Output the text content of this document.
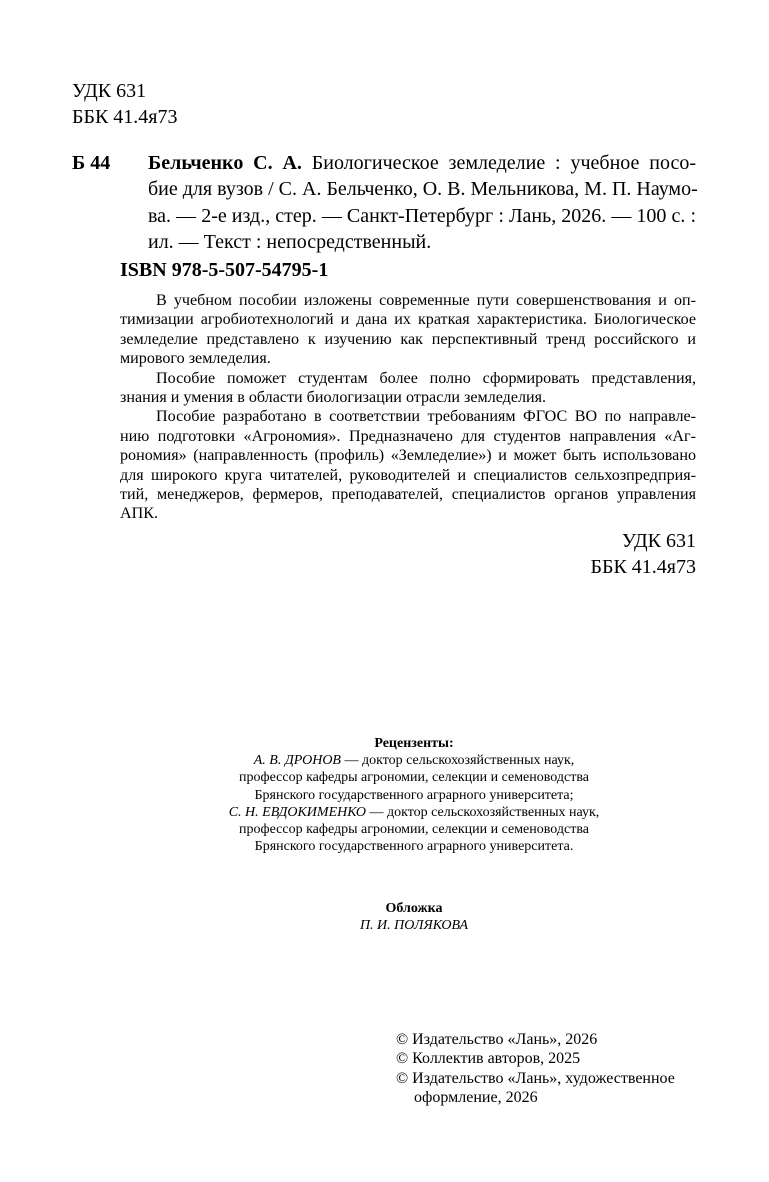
УДК 631
ББК 41.4я73
Б 44 Бельченко С. А. Биологическое земледелие : учебное посо-
бие для вузов / С. А. Бельченко, О. В. Мельникова, М. П. Наумо-
ва. — 2-е изд., стер. — Санкт-Петербург : Лань, 2026. — 100 с. :
ил. — Текст : непосредственный.
ISBN 978-5-507-54795-1
В учебном пособии изложены современные пути совершенствования и оп-
тимизации агробиотехнологий и дана их краткая характеристика. Биологическое
земледелие представлено к изучению как перспективный тренд российского и
мирового земледелия.
Пособие поможет студентам более полно сформировать представления,
знания и умения в области биологизации отрасли земледелия.
Пособие разработано в соответствии требованиям ФГОС ВО по направле-
нию подготовки «Агрономия». Предназначено для студентов направления «Аг-
рономия» (направленность (профиль) «Земледелие») и может быть использовано
для широкого круга читателей, руководителей и специалистов сельхозпредприя-
тий, менеджеров, фермеров, преподавателей, специалистов органов управления
АПК.
УДК 631
ББК 41.4я73
Рецензенты:
А. В. ДРОНОВ — доктор сельскохозяйственных наук,
профессор кафедры агрономии, селекции и семеноводства
Брянского государственного аграрного университета;
С. Н. ЕВДОКИМЕНКО — доктор сельскохозяйственных наук,
профессор кафедры агрономии, селекции и семеноводства
Брянского государственного аграрного университета.
Обложка
П. И. ПОЛЯКОВА
© Издательство «Лань», 2026
© Коллектив авторов, 2025
© Издательство «Лань», художественное
оформление, 2026
